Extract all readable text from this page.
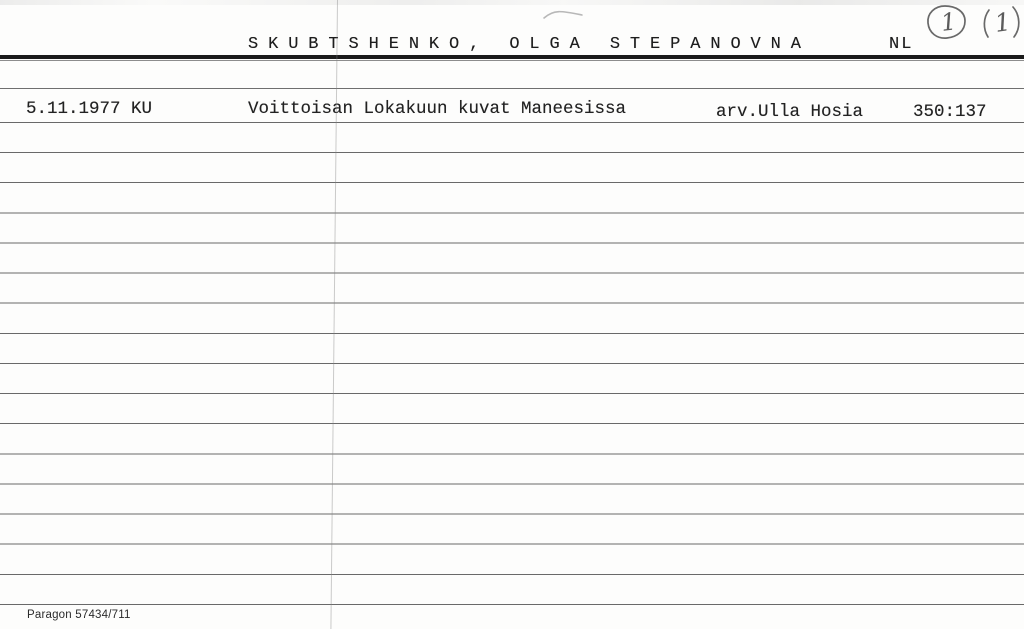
SKUBTSHENKO, OLGA STEPANOVNA	NL
1 1
5.11.1977 KU	Voittoisan Lokakuun kuvat Maneesissa	arv.Ulla Hosia	350:137
Paragon 57434/711
